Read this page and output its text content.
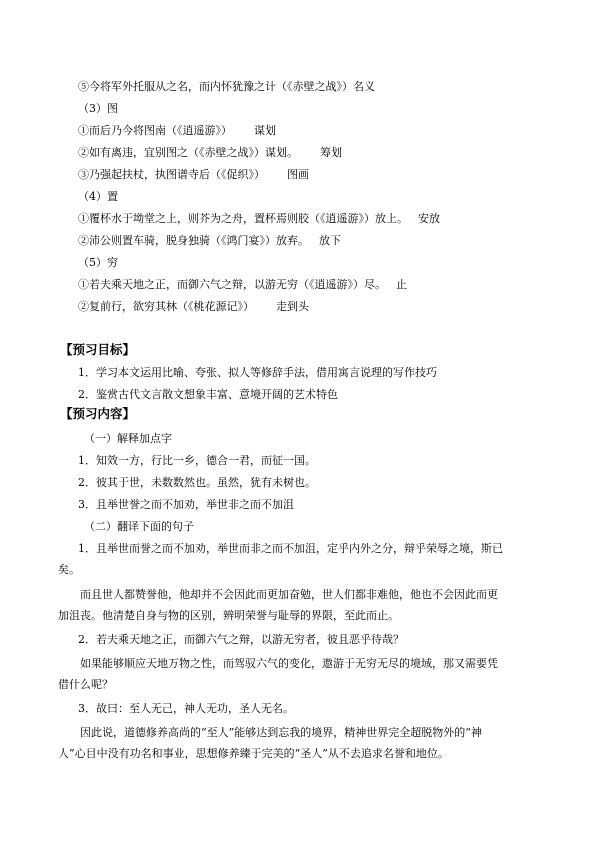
⑤今将军外托服从之名，而内怀犹豫之计（《赤壁之战》）名义
（3）图
①而后乃今将图南（《逍遥游》） 谋划
②如有离违，宜别图之（《赤壁之战》）谋划。 筹划
③乃强起扶杖，执图谱寺后（《促织》） 图画
（4）置
①覆杯水于坳堂之上，则芥为之舟，置杯焉则胶（《逍遥游》）放上。 安放
②沛公则置车骑，脱身独骑（《鸿门宴》）放弃。 放下
（5）穷
①若夫乘天地之正，而御六气之辩，以游无穷（《逍遥游》）尽。 止
②复前行，欲穷其林（《桃花源记》） 走到头
【预习目标】
1．学习本文运用比喻、夸张、拟人等修辞手法，借用寓言说理的写作技巧
2．鉴赏古代文言散文想象丰富、意境开阔的艺术特色
【预习内容】
（一）解释加点字
1．知效一方，行比一乡，德合一君，而征一国。
2．彼其于世，未数数然也。虽然，犹有未树也。
3．且举世誉之而不加劝，举世非之而不加沮
（二）翻译下面的句子
1．且举世而誉之而不加劝，举世而非之而不加沮，定乎内外之分，辩乎荣辱之境，斯已
矣。
而且世人都赞誉他，他却并不会因此而更加奋勉，世人们都非难他，他也不会因此而更
加沮丧。他清楚自身与物的区别，辨明荣誉与耻辱的界限，至此而止。
2．若夫乘天地之正，而御六气之辩，以游无穷者，彼且恶乎待哉？
如果能够顺应天地万物之性，而驾驭六气的变化，遨游于无穷无尽的境域，那又需要凭
借什么呢？
3．故曰：至人无己，神人无功，圣人无名。
因此说，道德修养高尚的“至人”能够达到忘我的境界，精神世界完全超脱物外的“神
人”心目中没有功名和事业，思想修养臻于完美的“圣人”从不去追求名誉和地位。
